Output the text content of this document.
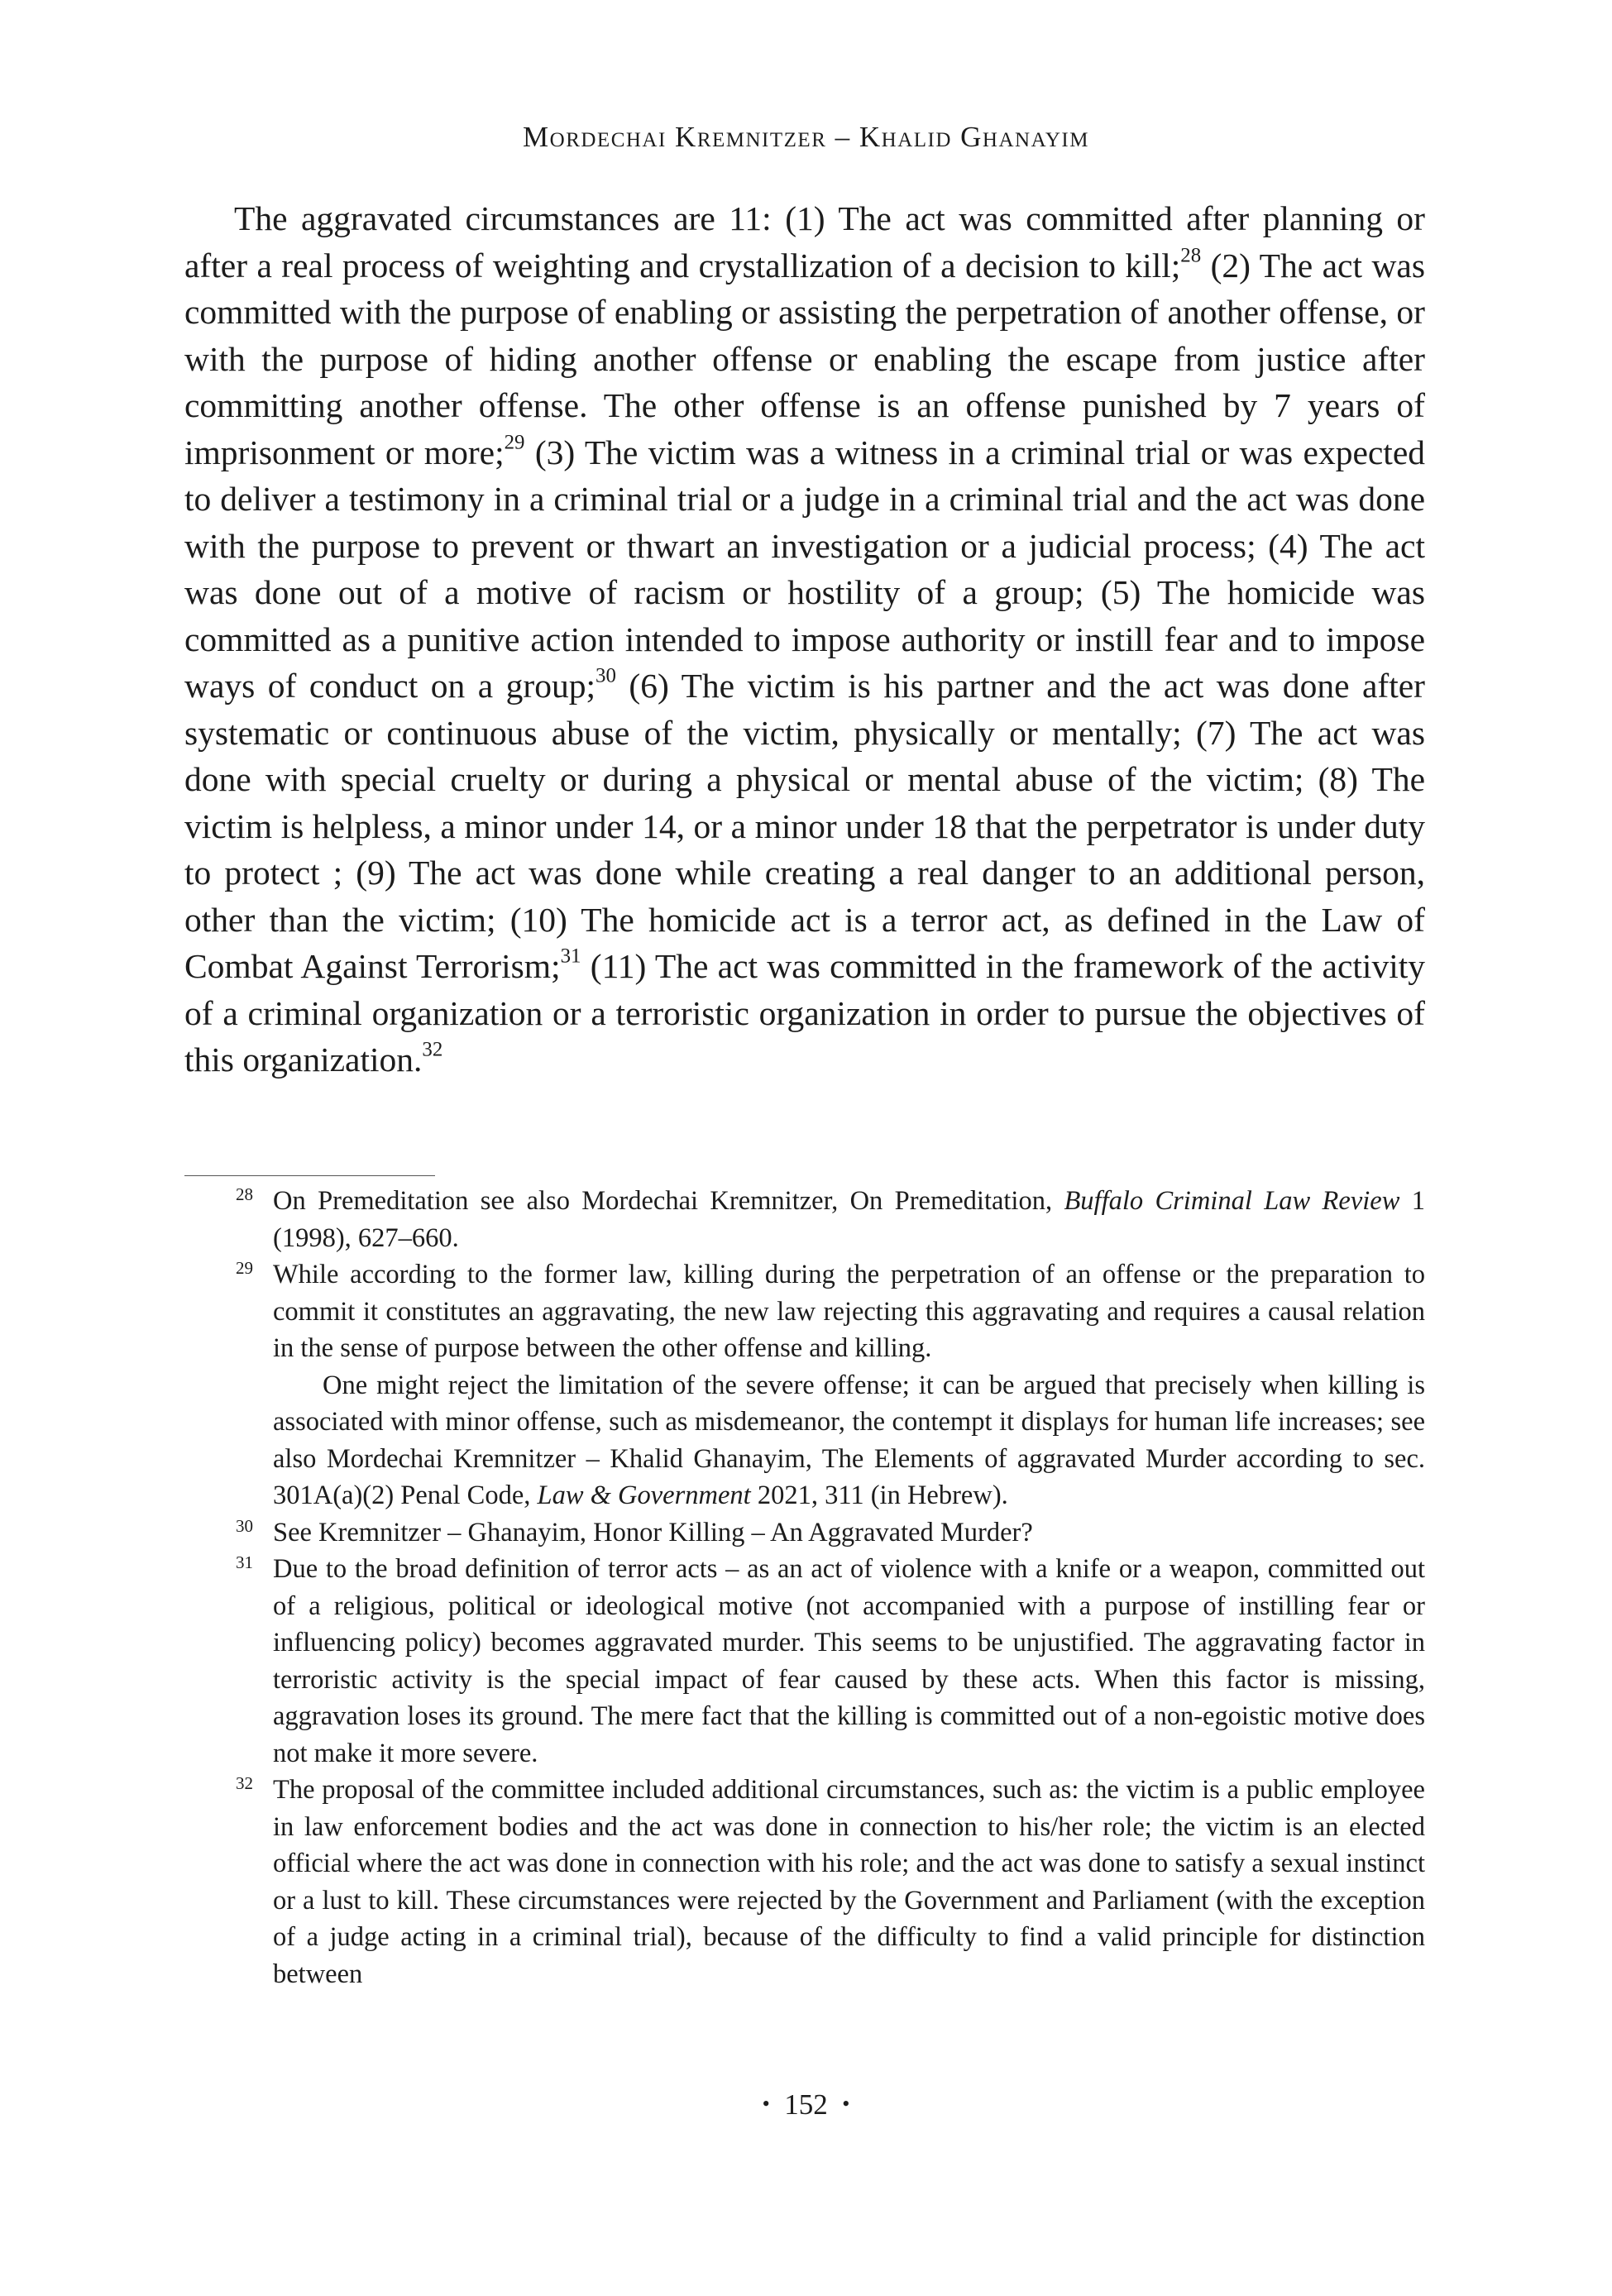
Mordechai Kremnitzer – Khalid Ghanayim

The aggravated circumstances are 11: (1) The act was committed after planning or after a real process of weighting and crystallization of a decision to kill;$^{28}$ (2) The act was committed with the purpose of enabling or assisting the perpetration of another offense, or with the purpose of hiding another offense or enabling the escape from justice after committing another offense. The other offense is an offense punished by 7 years of imprisonment or more;$^{29}$ (3) The victim was a witness in a criminal trial or was expected to deliver a testimony in a criminal trial or a judge in a criminal trial and the act was done with the purpose to prevent or thwart an investigation or a judicial process; (4) The act was done out of a motive of racism or hostility of a group; (5) The homicide was committed as a punitive action intended to impose authority or instill fear and to impose ways of conduct on a group;$^{30}$ (6) The victim is his partner and the act was done after systematic or continuous abuse of the victim, physically or mentally; (7) The act was done with special cruelty or during a physical or mental abuse of the victim; (8) The victim is helpless, a minor under 14, or a minor under 18 that the perpetrator is under duty to protect ; (9) The act was done while creating a real danger to an additional person, other than the victim; (10) The homicide act is a terror act, as defined in the Law of Combat Against Terrorism;$^{31}$ (11) The act was committed in the framework of the activity of a criminal organization or a terroristic organization in order to pursue the objectives of this organization.$^{32}$

28 On Premeditation see also Mordechai Kremnitzer, On Premeditation, Buffalo Criminal Law Review 1 (1998), 627–660.

29 While according to the former law, killing during the perpetration of an offense or the preparation to commit it constitutes an aggravating, the new law rejecting this aggravating and requires a causal relation in the sense of purpose between the other offense and killing.

One might reject the limitation of the severe offense; it can be argued that precisely when killing is associated with minor offense, such as misdemeanor, the contempt it displays for human life increases; see also Mordechai Kremnitzer – Khalid Ghanayim, The Elements of aggravated Murder according to sec. 301A(a)(2) Penal Code, Law & Government 2021, 311 (in Hebrew).

30 See Kremnitzer – Ghanayim, Honor Killing – An Aggravated Murder?

31 Due to the broad definition of terror acts – as an act of violence with a knife or a weapon, committed out of a religious, political or ideological motive (not accompanied with a purpose of instilling fear or influencing policy) becomes aggravated murder. This seems to be unjustified. The aggravating factor in terroristic activity is the special impact of fear caused by these acts. When this factor is missing, aggravation loses its ground. The mere fact that the killing is committed out of a non-egoistic motive does not make it more severe.

32 The proposal of the committee included additional circumstances, such as: the victim is a public employee in law enforcement bodies and the act was done in connection to his/her role; the victim is an elected official where the act was done in connection with his role; and the act was done to satisfy a sexual instinct or a lust to kill. These circumstances were rejected by the Government and Parliament (with the exception of a judge acting in a criminal trial), because of the difficulty to find a valid principle for distinction between

• 152 •
